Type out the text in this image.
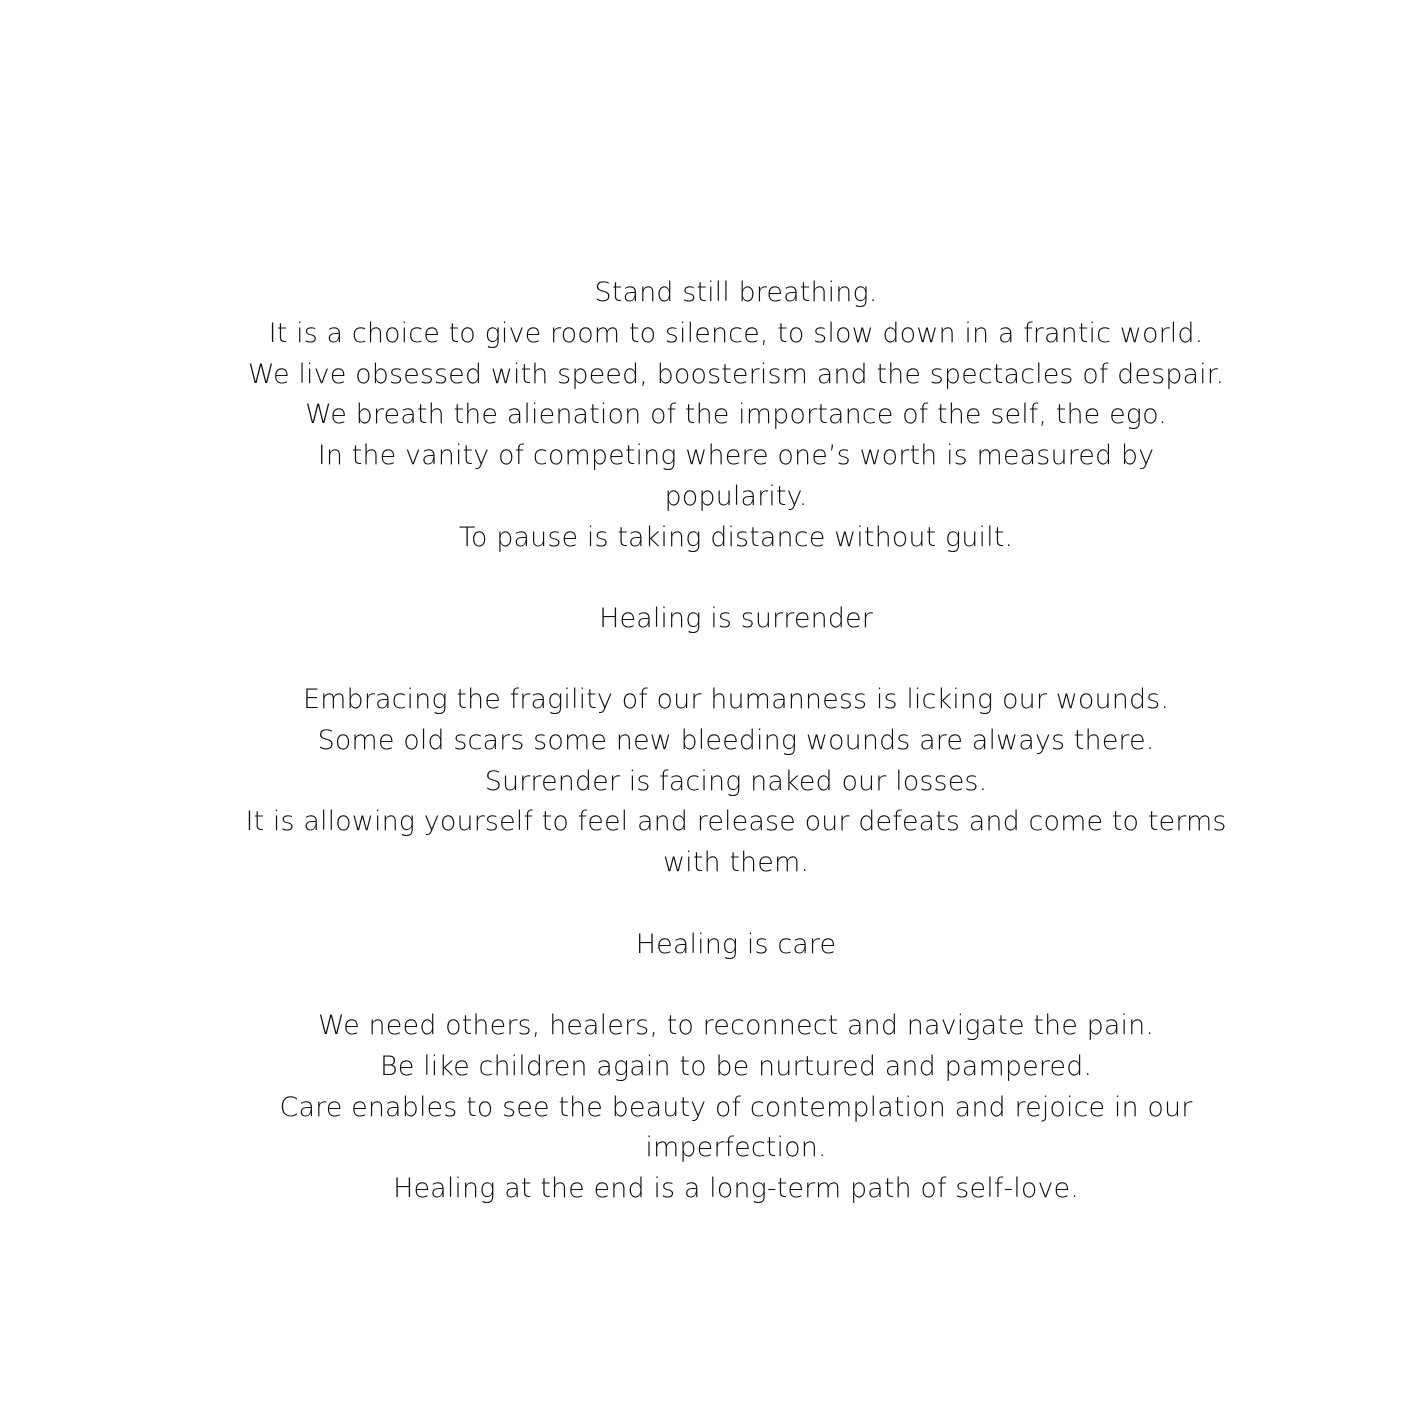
Stand still breathing.
It is a choice to give room to silence, to slow down in a frantic world.
We live obsessed with speed, boosterism and the spectacles of despair.
We breath the alienation of the importance of the self, the ego.
In the vanity of competing where one’s worth is measured by
popularity.
To pause is taking distance without guilt.
Healing is surrender
Embracing the fragility of our humanness is licking our wounds.
Some old scars some new bleeding wounds are always there.
Surrender is facing naked our losses.
It is allowing yourself to feel and release our defeats and come to terms
with them.
Healing is care
We need others, healers, to reconnect and navigate the pain.
Be like children again to be nurtured and pampered.
Care enables to see the beauty of contemplation and rejoice in our
imperfection.
Healing at the end is a long-term path of self-love.
